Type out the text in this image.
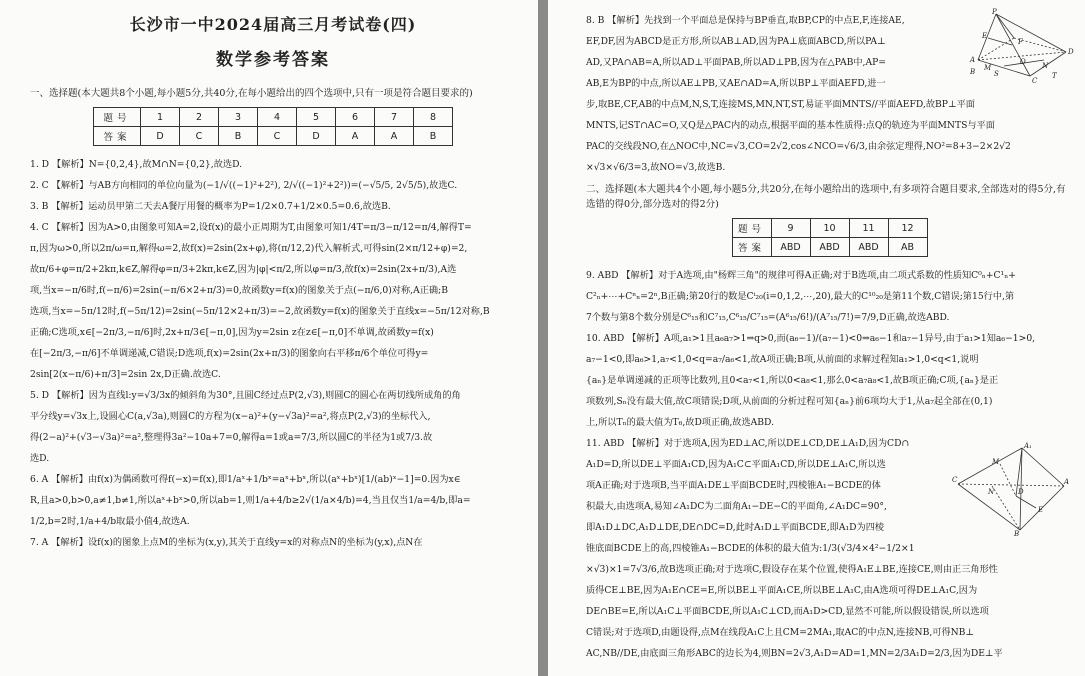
长沙市一中2024届高三月考试卷(四)
数学参考答案
一、选择题(本大题共8个小题,每小题5分,共40分,在每小题给出的四个选项中,只有一项是符合题目要求的)
题号	1	2	3	4	5	6	7	8
答案	D	C	B	C	D	A	A	B

1. D 【解析】N={0,2,4},故M∩N={0,2},故选D.

2. C 【解析】与AB方向相同的单位向量为(−1/√((−1)²+2²), 2/√((−1)²+2²))=(−√5/5, 2√5/5),故选C.

3. B 【解析】运动员甲第二天去A餐厅用餐的概率为P=1/2×0.7+1/2×0.5=0.6,故选B.

4. C 【解析】因为A>0,由图象可知A=2,设f(x)的最小正周期为T,由图象可知1/4T=π/3−π/12=π/4,解得T=

π,因为ω>0,所以2π/ω=π,解得ω=2,故f(x)=2sin(2x+φ),将(π/12,2)代入解析式,可得sin(2×π/12+φ)=2,

故π/6+φ=π/2+2kπ,k∈Z,解得φ=π/3+2kπ,k∈Z,因为|φ|<π/2,所以φ=π/3,故f(x)=2sin(2x+π/3),A选

项,当x=−π/6时,f(−π/6)=2sin(−π/6×2+π/3)=0,故函数y=f(x)的图象关于点(−π/6,0)对称,A正确;B

选项,当x=−5π/12时,f(−5π/12)=2sin(−5π/12×2+π/3)=−2,故函数y=f(x)的图象关于直线x=−5π/12对称,B

正确;C选项,x∈[−2π/3,−π/6]时,2x+π/3∈[−π,0],因为y=2sin z在z∈[−π,0]不单调,故函数y=f(x)

在[−2π/3,−π/6]不单调递减,C错误;D选项,f(x)=2sin(2x+π/3)的图象向右平移π/6个单位可得y=

2sin[2(x−π/6)+π/3]=2sin 2x,D正确.故选C.

5. D 【解析】因为直线l:y=√3/3x的倾斜角为30°,且圆C经过点P(2,√3),则圆C的圆心在两切线所成角的角

平分线y=√3x上,设圆心C(a,√3a),则圆C的方程为(x−a)²+(y−√3a)²=a²,将点P(2,√3)的坐标代入,

得(2−a)²+(√3−√3a)²=a²,整理得3a²−10a+7=0,解得a=1或a=7/3,所以圆C的半径为1或7/3.故

选D.

6. A 【解析】由f(x)为偶函数可得f(−x)=f(x),即1/aˣ+1/bˣ=aˣ+bˣ,所以(aˣ+bˣ)[1/(ab)ˣ−1]=0.因为x∈

R,且a>0,b>0,a≠1,b≠1,所以aˣ+bˣ>0,所以ab=1,则1/a+4/b≥2√(1/a×4/b)=4,当且仅当1/a=4/b,即a=

1/2,b=2时,1/a+4/b取最小值4,故选A.

7. A 【解析】设f(x)的图象上点M的坐标为(x,y),其关于直线y=x的对称点N的坐标为(y,x),点N在

8. B 【解析】先找到一个平面总是保持与BP垂直,取BP,CP的中点E,F,连接AE,

EF,DF,因为ABCD是正方形,所以AB⊥AD,因为PA⊥底面ABCD,所以PA⊥

AD,又PA∩AB=A,所以AD⊥平面PAB,所以AD⊥PB,因为在△PAB中,AP=

AB,E为BP的中点,所以AE⊥PB,又AE∩AD=A,所以BP⊥平面AEFD,进一

步,取BE,CF,AB的中点M,N,S,T,连接MS,MN,NT,ST,易证平面MNTS//平面AEFD,故BP⊥平面

MNTS,记ST∩AC=O,又Q是△PAC内的动点,根据平面的基本性质得:点Q的轨迹为平面MNTS与平面

PAC的交线段NO,在△NOC中,NC=√3,CO=2√2,cos∠NCO=√6/3,由余弦定理得,NO²=8+3−2×2√2

×√3×√6/3=3,故NO=√3,故选B.

P
E
F
A
D
B
C
M	N
S	T
O
二、选择题(本大题共4个小题,每小题5分,共20分,在每小题给出的选项中,有多项符合题目要求,全部选对的得5分,有选错的得0分,部分选对的得2分)
题号	9	10	11	12
答案	ABD	ABD	ABD	AB

9. ABD 【解析】对于A选项,由"杨辉三角"的规律可得A正确;对于B选项,由二项式系数的性质知C⁰ₙ+C¹ₙ+

C²ₙ+⋯+Cⁿₙ=2ⁿ,B正确;第20行的数是Cⁱ₂₀(i=0,1,2,⋯,20),最大的C¹⁰₂₀是第11个数,C错误;第15行中,第

7个数与第8个数分别是C⁶₁₅和C⁷₁₅,C⁶₁₅/C⁷₁₅=(A⁶₁₅/6!)/(A⁷₁₅/7!)=7/9,D正确,故选ABD.

10. ABD 【解析】A项,a₁>1且a₆a₇>1⇒q>0,而(a₆−1)/(a₇−1)<0⇒a₆−1和a₇−1异号,由于a₁>1知a₆−1>0,

a₇−1<0,即a₆>1,a₇<1,0<q=a₇/a₆<1,故A项正确;B项,从前面的求解过程知a₁>1,0<q<1,说明

{aₙ}是单调递减的正项等比数列,且0<a₇<1,所以0<a₈<1,那么0<a₇a₈<1,故B项正确;C项,{aₙ}是正

项数列,Sₙ没有最大值,故C项错误;D项,从前面的分析过程可知{aₙ}前6项均大于1,从a₇起全部在(0,1)

上,所以Tₙ的最大值为T₆,故D项正确,故选ABD.

11. ABD 【解析】对于选项A,因为ED⊥AC,所以DE⊥CD,DE⊥A₁D,因为CD∩

A₁D=D,所以DE⊥平面A₁CD,因为A₁C⊂平面A₁CD,所以DE⊥A₁C,所以选

项A正确;对于选项B,当平面A₁DE⊥平面BCDE时,四棱锥A₁−BCDE的体

积最大,由选项A,易知∠A₁DC为二面角A₁−DE−C的平面角,∠A₁DC=90°,

即A₁D⊥DC,A₁D⊥DE,DE∩DC=D,此时A₁D⊥平面BCDE,即A₁D为四棱

锥底面BCDE上的高,四棱锥A₁−BCDE的体积的最大值为:1/3(√3/4×4²−1/2×1

×√3)×1=7√3/6,故B选项正确;对于选项C,假设存在某个位置,使得A₁E⊥BE,连接CE,则由正三角形性

质得CE⊥BE,因为A₁E∩CE=E,所以BE⊥平面A₁CE,所以BE⊥A₁C,由A选项可得DE⊥A₁C,因为

DE∩BE=E,所以A₁C⊥平面BCDE,所以A₁C⊥CD,而A₁D>CD,显然不可能,所以假设错误,所以选项

C错误;对于选项D,由题设得,点M在线段A₁C上且CM=2MA₁,取AC的中点N,连接NB,可得NB⊥

AC,NB//DE,由底面三角形ABC的边长为4,则BN=2√3,A₁D=AD=1,MN=2/3A₁D=2/3,因为DE⊥平

A₁
M
N
C
D
A
E
B
